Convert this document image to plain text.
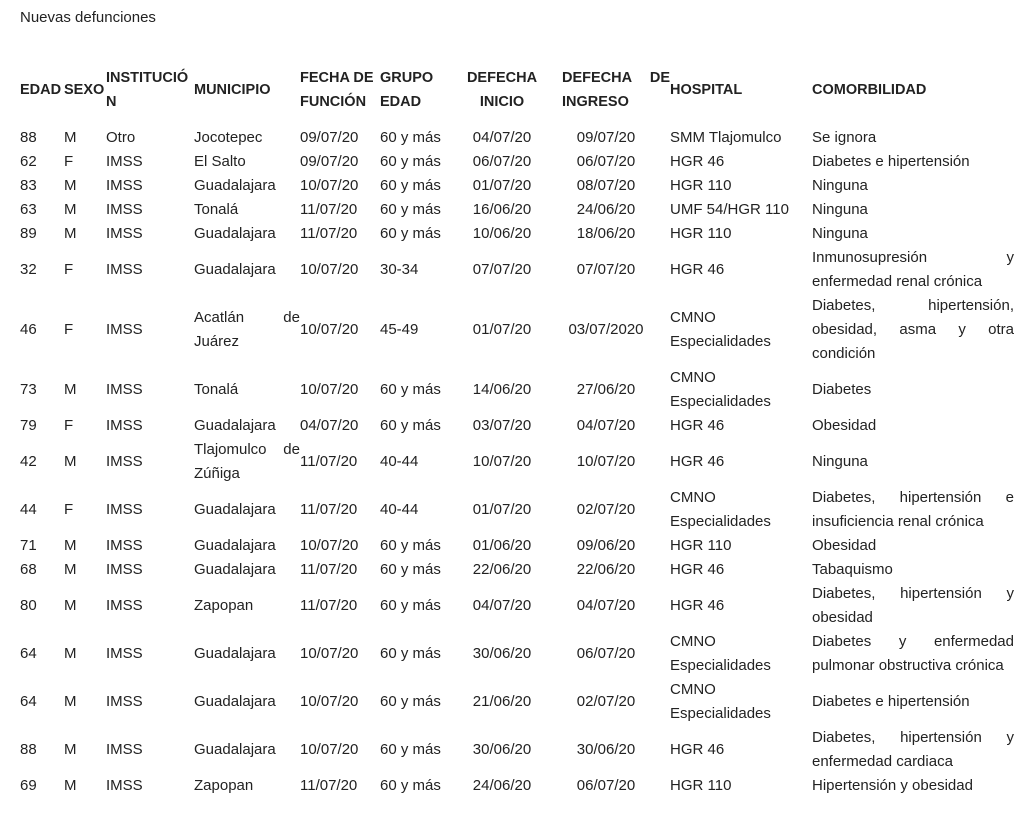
Nuevas defunciones
EDAD	SEXO	INSTITUCIÓN	MUNICIPIO	FECHA DEFUNCIÓN	GRUPO EDAD	DEFECHA INICIO	DEFECHA DE INGRESO	HOSPITAL	COMORBILIDAD
88	M	Otro	Jocotepec	09/07/20	60 y más	04/07/20	09/07/20	SMM Tlajomulco	Se ignora
62	F	IMSS	El Salto	09/07/20	60 y más	06/07/20	06/07/20	HGR 46	Diabetes e hipertensión
83	M	IMSS	Guadalajara	10/07/20	60 y más	01/07/20	08/07/20	HGR 110	Ninguna
63	M	IMSS	Tonalá	11/07/20	60 y más	16/06/20	24/06/20	UMF 54/HGR 110	Ninguna
89	M	IMSS	Guadalajara	11/07/20	60 y más	10/06/20	18/06/20	HGR 110	Ninguna
32	F	IMSS	Guadalajara	10/07/20	30-34	07/07/20	07/07/20	HGR 46	Inmunosupresión y enfermedad renal crónica
46	F	IMSS	Acatlán de Juárez	10/07/20	45-49	01/07/20	03/07/2020	CMNO Especialidades	Diabetes, hipertensión, obesidad, asma y otra condición
73	M	IMSS	Tonalá	10/07/20	60 y más	14/06/20	27/06/20	CMNO Especialidades	Diabetes
79	F	IMSS	Guadalajara	04/07/20	60 y más	03/07/20	04/07/20	HGR 46	Obesidad
42	M	IMSS	Tlajomulco de Zúñiga	11/07/20	40-44	10/07/20	10/07/20	HGR 46	Ninguna
44	F	IMSS	Guadalajara	11/07/20	40-44	01/07/20	02/07/20	CMNO Especialidades	Diabetes, hipertensión e insuficiencia renal crónica
71	M	IMSS	Guadalajara	10/07/20	60 y más	01/06/20	09/06/20	HGR 110	Obesidad
68	M	IMSS	Guadalajara	11/07/20	60 y más	22/06/20	22/06/20	HGR 46	Tabaquismo
80	M	IMSS	Zapopan	11/07/20	60 y más	04/07/20	04/07/20	HGR 46	Diabetes, hipertensión y obesidad
64	M	IMSS	Guadalajara	10/07/20	60 y más	30/06/20	06/07/20	CMNO Especialidades	Diabetes y enfermedad pulmonar obstructiva crónica
64	M	IMSS	Guadalajara	10/07/20	60 y más	21/06/20	02/07/20	CMNO Especialidades	Diabetes e hipertensión
88	M	IMSS	Guadalajara	10/07/20	60 y más	30/06/20	30/06/20	HGR 46	Diabetes, hipertensión y enfermedad cardiaca
69	M	IMSS	Zapopan	11/07/20	60 y más	24/06/20	06/07/20	HGR 110	Hipertensión y obesidad
